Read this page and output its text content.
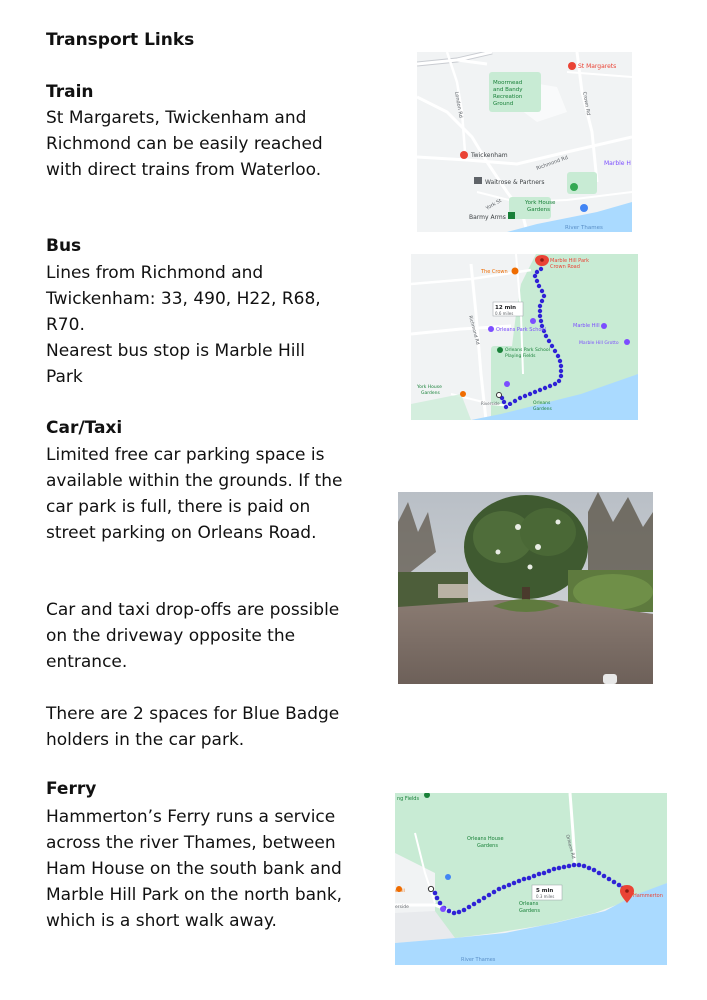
Transport Links
Train
St Margarets, Twickenham and Richmond can be easily reached with direct trains from Waterloo.
Bus
Lines from Richmond and Twickenham: 33, 490, H22, R68, R70.
Nearest bus stop is Marble Hill Park
Car/Taxi
Limited free car parking space is available within the grounds. If the car park is full, there is paid on street parking on Orleans Road.
Car and taxi drop-offs are possible on the driveway opposite the entrance.
There are 2 spaces for Blue Badge holders in the car park.
Ferry
Hammerton’s Ferry runs a service across the river Thames, between Ham House on the south bank and Marble Hill Park on the north bank, which is a short walk away.
St Margarets
Moormead
and Bandy
Recreation
Ground
Twickenham
Marble H
Waitrose & Partners
York House
Gardens
Barmy Arms
River Thames
Richmond Rd
Crown Rd
London Rd
York St
12 min
0.6 miles
Marble Hill Park
Crown Road
The Crown
Orleans Park School
Orleans Park School
Playing Fields
Marble Hill
Marble Hill Grotto
York House
Gardens
Riverside	Orleans
Gardens
Richmond Rd
5 min
0.3 miles
ng Fields
Orleans House
Gardens	Orleans Rd
Orleans
Gardens
Hammerton
erside
swill
River Thames
